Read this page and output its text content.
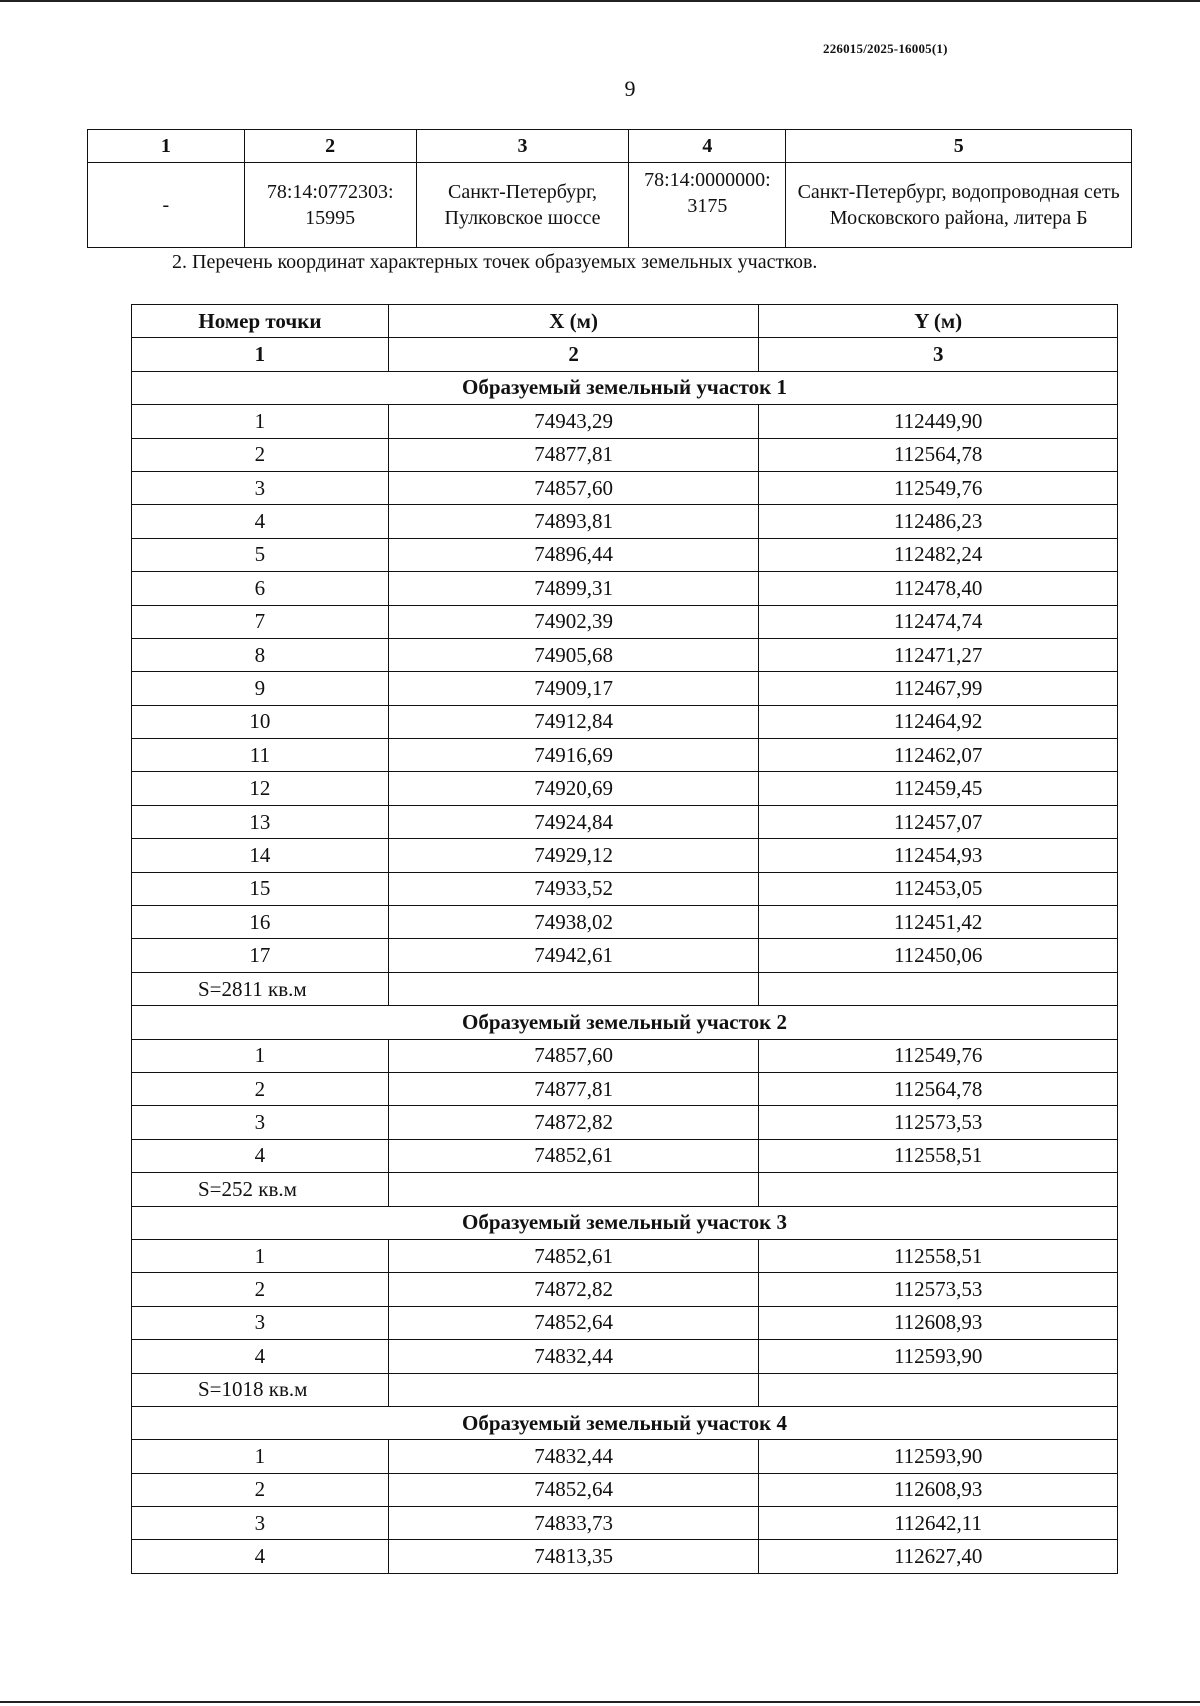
226015/2025-16005(1)
9
1	2	3	4	5
-	78:14:0772303: 15995	Санкт-Петербург, Пулковское шоссе	78:14:0000000: 3175	Санкт-Петербург, водопроводная сеть Московского района, литера Б
2. Перечень координат характерных точек образуемых земельных участков.
Номер точки	X (м)	Y (м)
1	2	3
Образуемый земельный участок 1		
1	74943,29	112449,90
2	74877,81	112564,78
3	74857,60	112549,76
4	74893,81	112486,23
5	74896,44	112482,24
6	74899,31	112478,40
7	74902,39	112474,74
8	74905,68	112471,27
9	74909,17	112467,99
10	74912,84	112464,92
11	74916,69	112462,07
12	74920,69	112459,45
13	74924,84	112457,07
14	74929,12	112454,93
15	74933,52	112453,05
16	74938,02	112451,42
17	74942,61	112450,06
S=2811 кв.м		
Образуемый земельный участок 2		
1	74857,60	112549,76
2	74877,81	112564,78
3	74872,82	112573,53
4	74852,61	112558,51
S=252 кв.м		
Образуемый земельный участок 3		
1	74852,61	112558,51
2	74872,82	112573,53
3	74852,64	112608,93
4	74832,44	112593,90
S=1018 кв.м		
Образуемый земельный участок 4		
1	74832,44	112593,90
2	74852,64	112608,93
3	74833,73	112642,11
4	74813,35	112627,40
